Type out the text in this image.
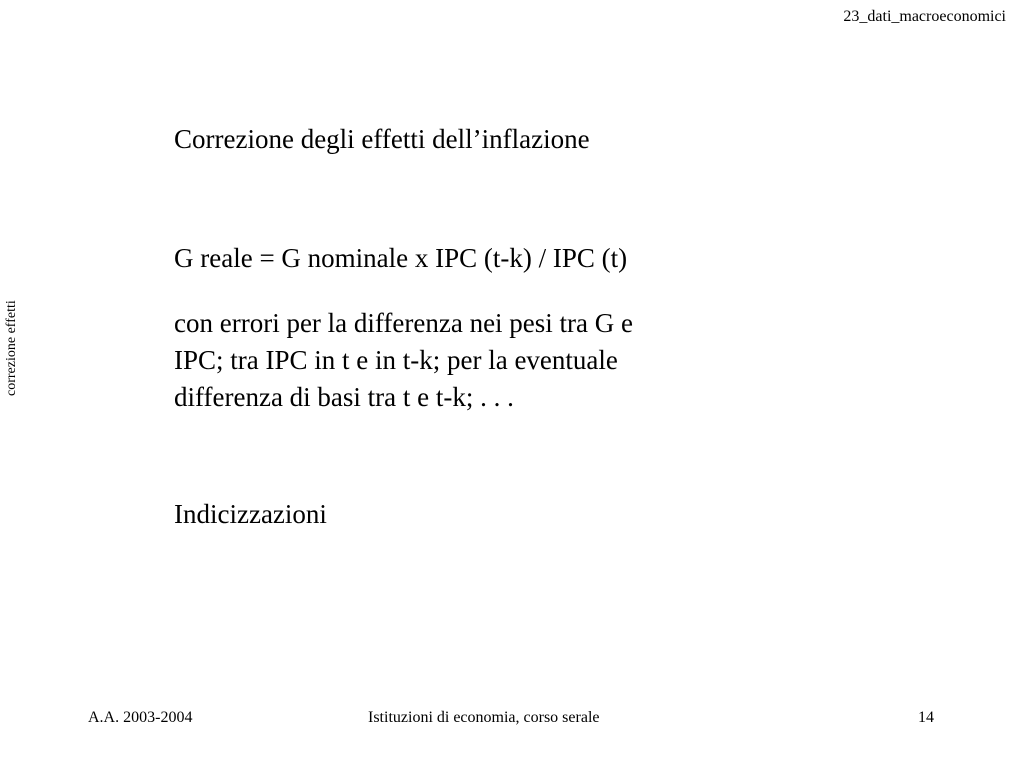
23_dati_macroeconomici
correzione effetti
Correzione degli effetti dell’inflazione
G reale = G nominale x IPC (t-k) / IPC (t)
con errori per la differenza nei pesi tra G e
IPC; tra IPC in t e in t-k; per la eventuale
differenza di basi tra t e t-k; . . .
Indicizzazioni
A.A. 2003-2004	Istituzioni di economia, corso serale	14
